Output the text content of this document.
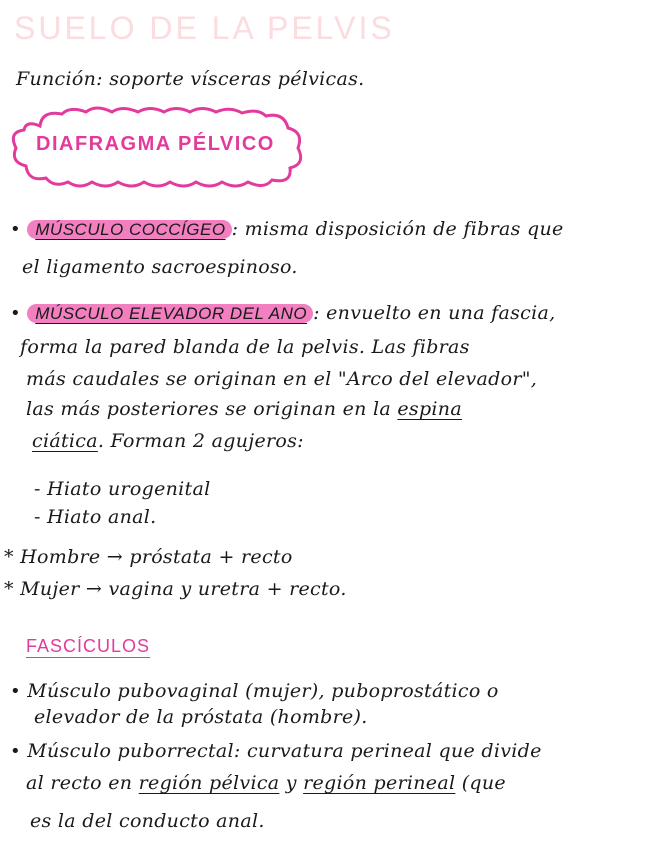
SUELO DE LA PELVIS
Función: soporte vísceras pélvicas.
DIAFRAGMA PÉLVICO
• MÚSCULO COCCÍGEO : misma disposición de fibras que
el ligamento sacroespinoso.
• MÚSCULO ELEVADOR DEL ANO : envuelto en una fascia,
forma la pared blanda de la pelvis. Las fibras
más caudales se originan en el "Arco del elevador",
las más posteriores se originan en la espina
ciática. Forman 2 agujeros:
- Hiato urogenital
- Hiato anal.
* Hombre → próstata + recto
* Mujer → vagina y uretra + recto.
FASCÍCULOS
• Músculo pubovaginal (mujer), puboprostático o
elevador de la próstata (hombre).
• Músculo puborrectal: curvatura perineal que divide
al recto en región pélvica y región perineal (que
es la del conducto anal.
